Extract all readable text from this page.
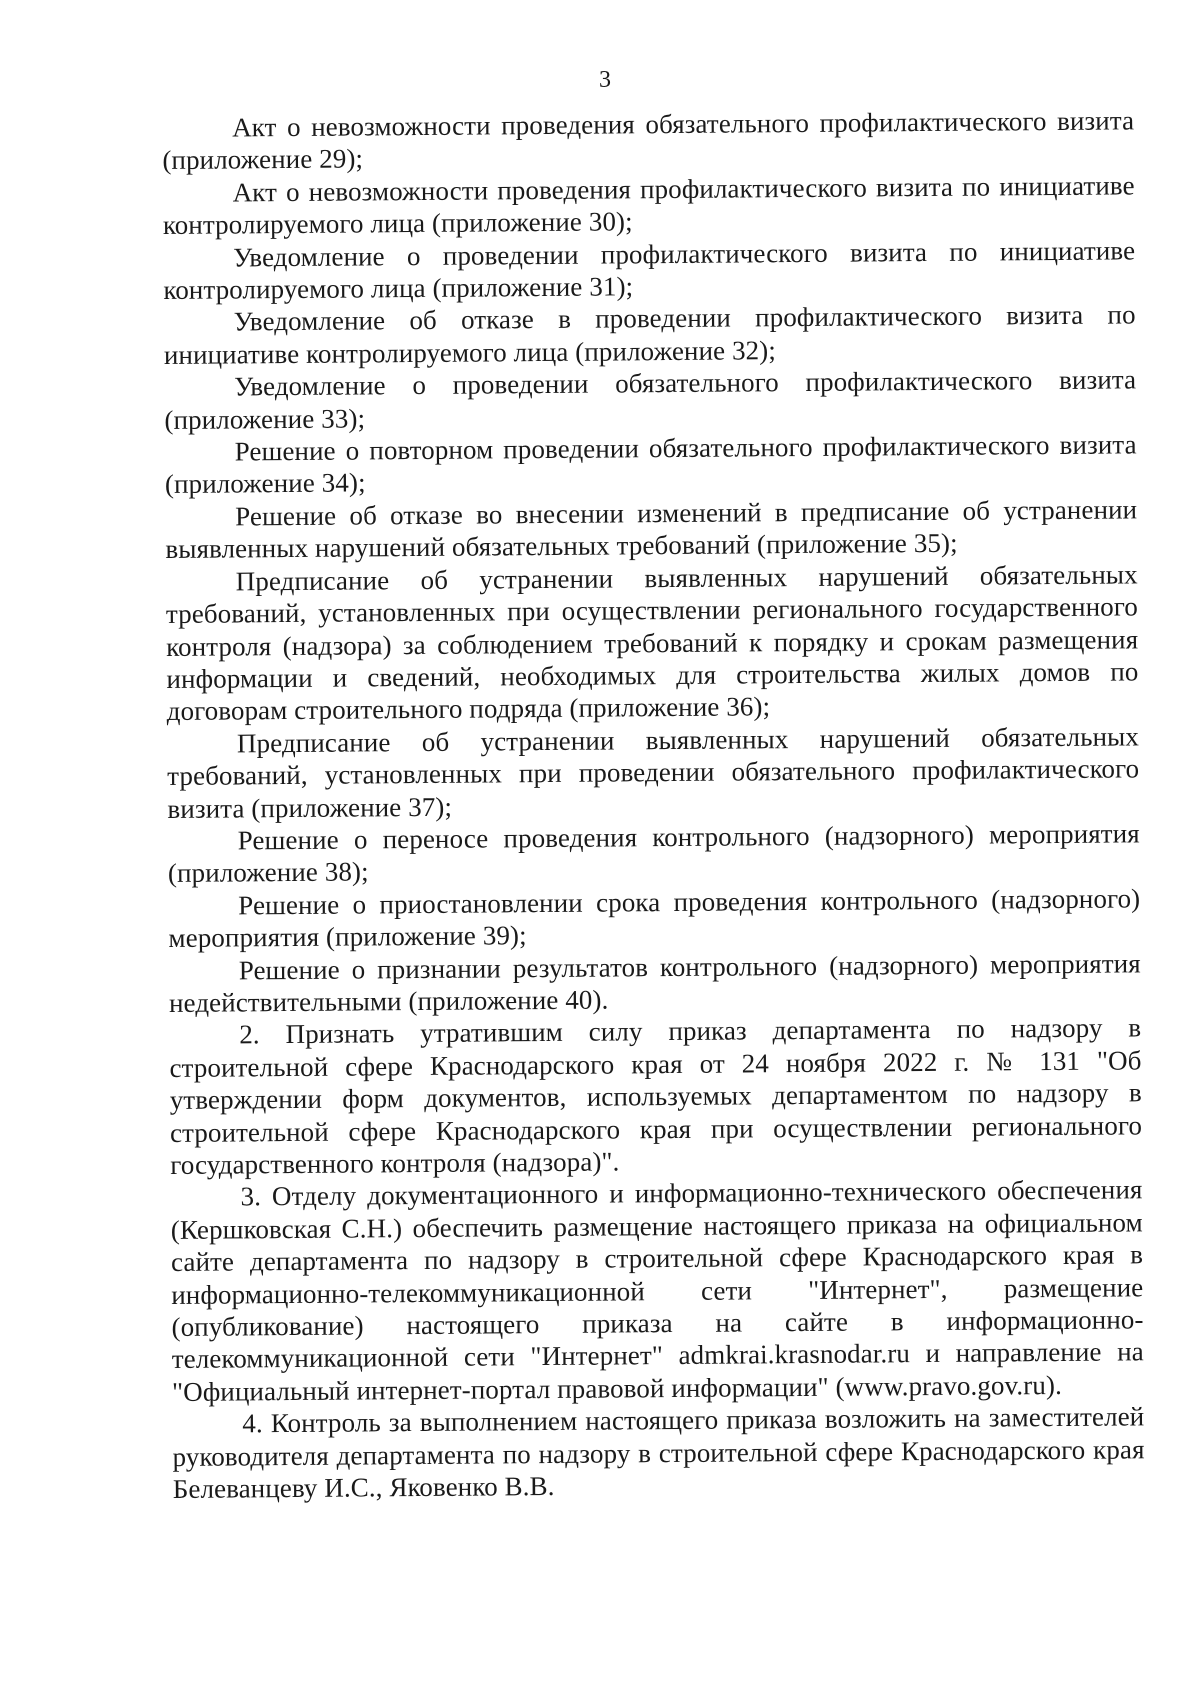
3

Акт о невозможности проведения обязательного профилактического визита (приложение 29);

Акт о невозможности проведения профилактического визита по инициативе контролируемого лица (приложение 30);

Уведомление о проведении профилактического визита по инициативе контролируемого лица (приложение 31);

Уведомление об отказе в проведении профилактического визита по инициативе контролируемого лица (приложение 32);

Уведомление о проведении обязательного профилактического визита (приложение 33);

Решение о повторном проведении обязательного профилактического визита (приложение 34);

Решение об отказе во внесении изменений в предписание об устранении выявленных нарушений обязательных требований (приложение 35);

Предписание об устранении выявленных нарушений обязательных требований, установленных при осуществлении регионального государственного контроля (надзора) за соблюдением требований к порядку и срокам размещения информации и сведений, необходимых для строительства жилых домов по договорам строительного подряда (приложение 36);

Предписание об устранении выявленных нарушений обязательных требований, установленных при проведении обязательного профилактического визита (приложение 37);

Решение о переносе проведения контрольного (надзорного) мероприятия (приложение 38);

Решение о приостановлении срока проведения контрольного (надзорного) мероприятия (приложение 39);

Решение о признании результатов контрольного (надзорного) мероприятия недействительными (приложение 40).

2. Признать утратившим силу приказ департамента по надзору в строительной сфере Краснодарского края от 24 ноября 2022 г. № 131 "Об утверждении форм документов, используемых департаментом по надзору в строительной сфере Краснодарского края при осуществлении регионального государственного контроля (надзора)".

3. Отделу документационного и информационно-технического обеспечения (Кершковская С.Н.) обеспечить размещение настоящего приказа на официальном сайте департамента по надзору в строительной сфере Краснодарского края в информационно-телекоммуникационной сети "Интернет", размещение (опубликование) настоящего приказа на сайте в информационно-телекоммуникационной сети "Интернет" admkrai.krasnodar.ru и направление на "Официальный интернет-портал правовой информации" (www.pravo.gov.ru).

4. Контроль за выполнением настоящего приказа возложить на заместителей руководителя департамента по надзору в строительной сфере Краснодарского края Белеванцеву И.С., Яковенко В.В.
